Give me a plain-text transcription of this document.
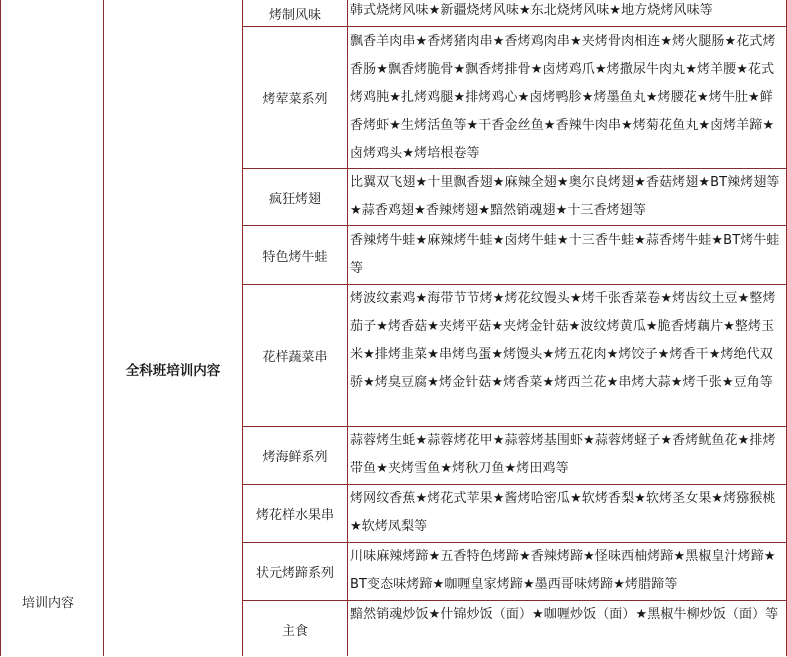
培训内容
全科班培训内容
烤制风味	韩式烧烤风味★新疆烧烤风味★东北烧烤风味★地方烧烤风味等
烤荤菜系列
飘香羊肉串★香烤猪肉串★香烤鸡肉串★夹烤骨肉相连★烤火腿肠★花式烤香肠★飘香烤脆骨★飘香烤排骨★卤烤鸡爪★烤撒尿牛肉丸★烤羊腰★花式烤鸡肫★扎烤鸡腿★排烤鸡心★卤烤鸭胗★烤墨鱼丸★烤腰花★烤牛肚★鲜香烤虾★生烤活鱼等★干香金丝鱼★香辣牛肉串★烤菊花鱼丸★卤烤羊蹄★卤烤鸡头★烤培根卷等
疯狂烤翅
比翼双飞翅★十里飘香翅★麻辣全翅★奥尔良烤翅★香菇烤翅★BT辣烤翅等★蒜香鸡翅★香辣烤翅★黯然销魂翅★十三香烤翅等
特色烤牛蛙
香辣烤牛蛙★麻辣烤牛蛙★卤烤牛蛙★十三香牛蛙★蒜香烤牛蛙★BT烤牛蛙等
花样蔬菜串
烤波纹素鸡★海带节节烤★烤花纹馒头★烤千张香菜卷★烤齿纹土豆★整烤茄子★烤香菇★夹烤平菇★夹烤金针菇★波纹烤黄瓜★脆香烤藕片★整烤玉米★排烤韭菜★串烤鸟蛋★烤馒头★烤五花肉★烤饺子★烤香干★烤绝代双骄★烤臭豆腐★烤金针菇★烤香菜★烤西兰花★串烤大蒜★烤千张★豆角等
烤海鲜系列
蒜蓉烤生蚝★蒜蓉烤花甲★蒜蓉烤基围虾★蒜蓉烤蛏子★香烤鱿鱼花★排烤带鱼★夹烤雪鱼★烤秋刀鱼★烤田鸡等
烤花样水果串
烤网纹香蕉★烤花式苹果★酱烤哈密瓜★软烤香梨★软烤圣女果★烤猕猴桃★软烤凤梨等
状元烤蹄系列
川味麻辣烤蹄★五香特色烤蹄★香辣烤蹄★怪味西柚烤蹄★黑椒皇汁烤蹄★BT变态味烤蹄★咖喱皇家烤蹄★墨西哥味烤蹄★烤腊蹄等
主食
黯然销魂炒饭★什锦炒饭（面）★咖喱炒饭（面）★黑椒牛柳炒饭（面）等
